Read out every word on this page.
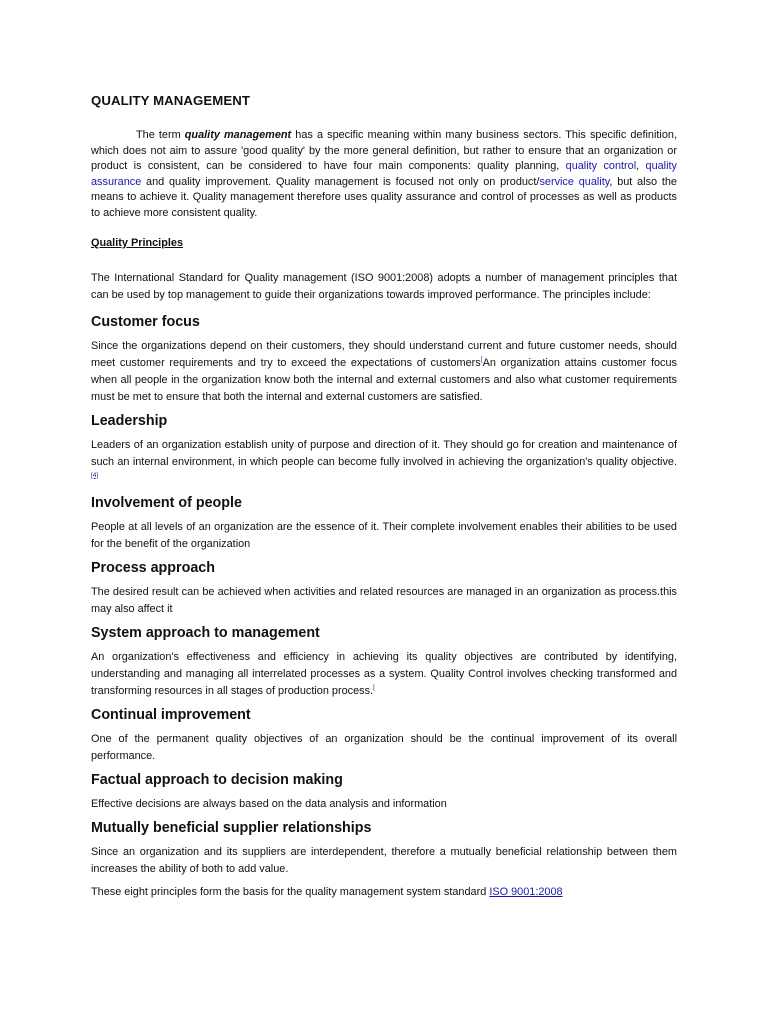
QUALITY MANAGEMENT

The term quality management has a specific meaning within many business sectors. This specific definition, which does not aim to assure 'good quality' by the more general definition, but rather to ensure that an organization or product is consistent, can be considered to have four main components: quality planning, quality control, quality assurance and quality improvement. Quality management is focused not only on product/service quality, but also the means to achieve it. Quality management therefore uses quality assurance and control of processes as well as products to achieve more consistent quality.

Quality Principles

The International Standard for Quality management (ISO 9001:2008) adopts a number of management principles that can be used by top management to guide their organizations towards improved performance. The principles include:

Customer focus

Since the organizations depend on their customers, they should understand current and future customer needs, should meet customer requirements and try to exceed the expectations of customers[An organization attains customer focus when all people in the organization know both the internal and external customers and also what customer requirements must be met to ensure that both the internal and external customers are satisfied.

Leadership

Leaders of an organization establish unity of purpose and direction of it. They should go for creation and maintenance of such an internal environment, in which people can become fully involved in achieving the organization's quality objective.[4]

Involvement of people

People at all levels of an organization are the essence of it. Their complete involvement enables their abilities to be used for the benefit of the organization

Process approach

The desired result can be achieved when activities and related resources are managed in an organization as process.this may also affect it

System approach to management

An organization's effectiveness and efficiency in achieving its quality objectives are contributed by identifying, understanding and managing all interrelated processes as a system. Quality Control involves checking transformed and transforming resources in all stages of production process.[

Continual improvement

One of the permanent quality objectives of an organization should be the continual improvement of its overall performance.

Factual approach to decision making

Effective decisions are always based on the data analysis and information

Mutually beneficial supplier relationships

Since an organization and its suppliers are interdependent, therefore a mutually beneficial relationship between them increases the ability of both to add value.

These eight principles form the basis for the quality management system standard ISO 9001:2008
